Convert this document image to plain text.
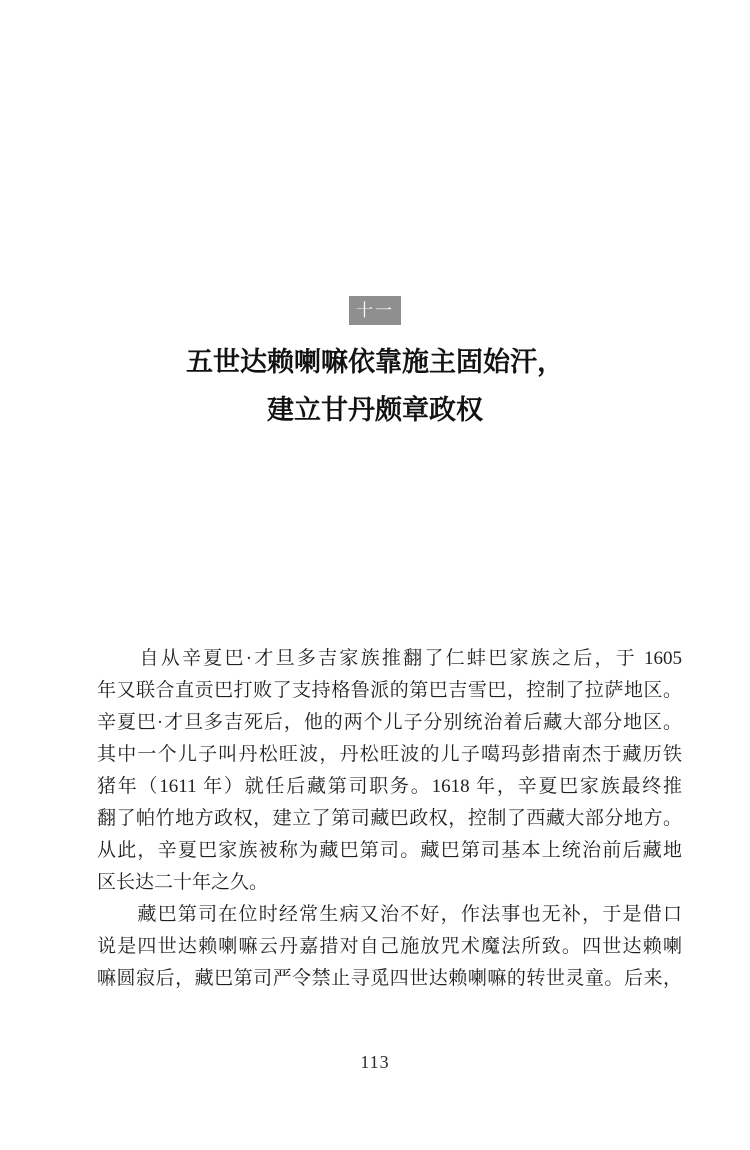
十一
五世达赖喇嘛依靠施主固始汗，
建立甘丹颇章政权
　　自从辛夏巴·才旦多吉家族推翻了仁蚌巴家族之后，于 1605
年又联合直贡巴打败了支持格鲁派的第巴吉雪巴，控制了拉萨地区。
辛夏巴·才旦多吉死后，他的两个儿子分别统治着后藏大部分地区。
其中一个儿子叫丹松旺波，丹松旺波的儿子噶玛彭措南杰于藏历铁
猪年（1611 年）就任后藏第司职务。1618 年，辛夏巴家族最终推
翻了帕竹地方政权，建立了第司藏巴政权，控制了西藏大部分地方。
从此，辛夏巴家族被称为藏巴第司。藏巴第司基本上统治前后藏地
区长达二十年之久。
　　藏巴第司在位时经常生病又治不好，作法事也无补，于是借口
说是四世达赖喇嘛云丹嘉措对自己施放咒术魔法所致。四世达赖喇
嘛圆寂后，藏巴第司严令禁止寻觅四世达赖喇嘛的转世灵童。后来，
113
